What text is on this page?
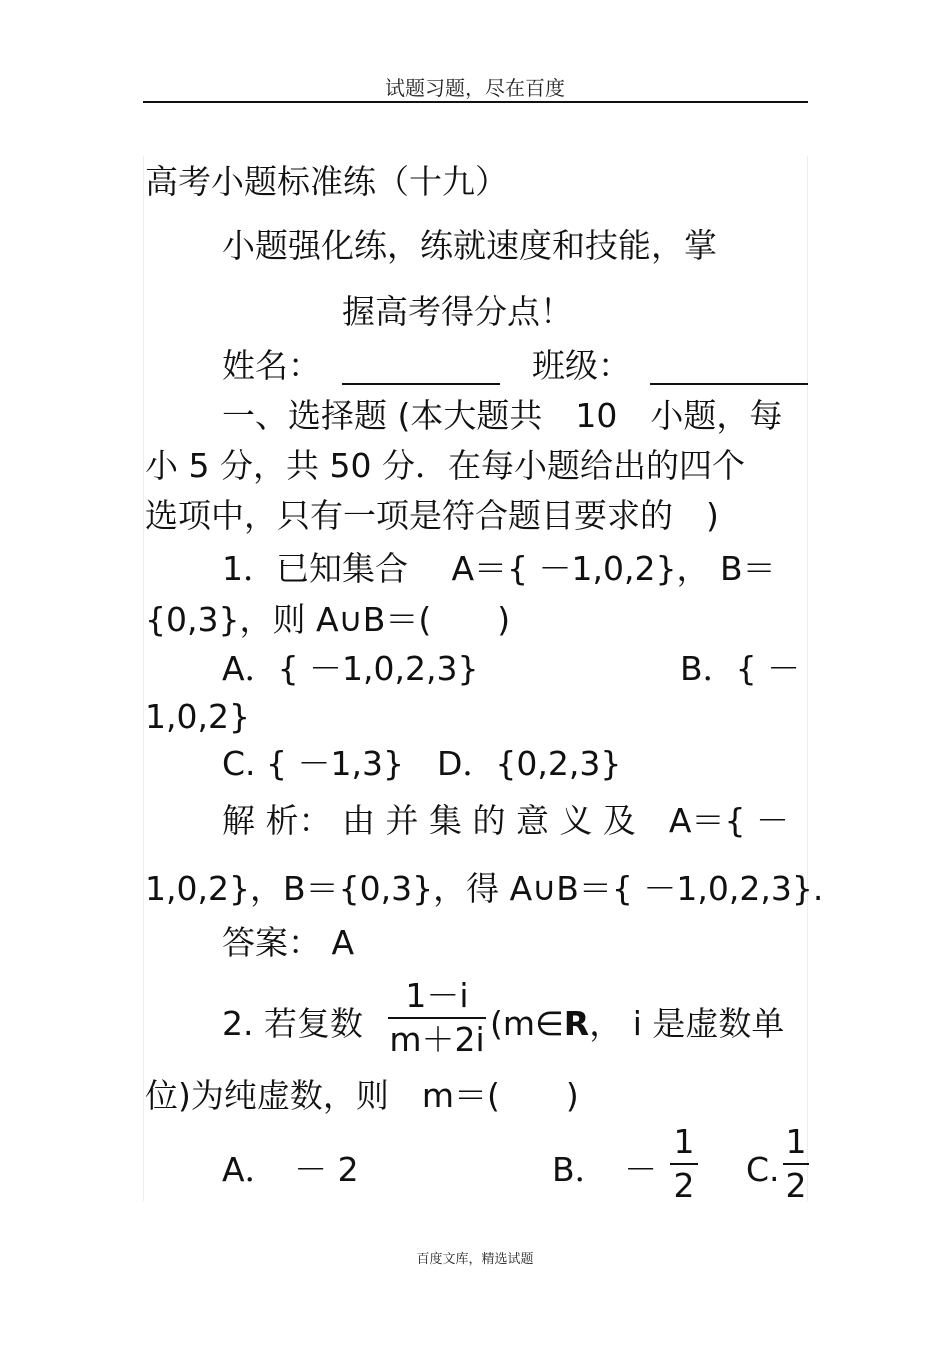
试题习题，尽在百度
高考小题标准练（十九）
小题强化练，练就速度和技能，掌
握高考得分点！
姓名：	班级：
一、选择题 (本大题共　10　小题，每
小 5 分，共 50 分．在每小题给出的四个
选项中，只有一项是符合题目要求的　)
1．已知集合　 A＝{ －1,0,2}， B＝
{0,3}，则 A∪B＝(　　)
A．{ －1,0,2,3}	B．{ －
1,0,2}
C. { －1,3}　D．{0,2,3}
解 析： 由 并 集 的 意 义 及　A＝{ －
1,0,2}，B＝{0,3}，得 A∪B＝{ －1,0,2,3}.
答案： A
2. 若复数
1－i
m＋2i (m∈R， i 是虚数单
位)为纯虚数，则　m＝(　　)
A．　－ 2	B．　－
1
2 C.
1
2
百度文库，精选试题
